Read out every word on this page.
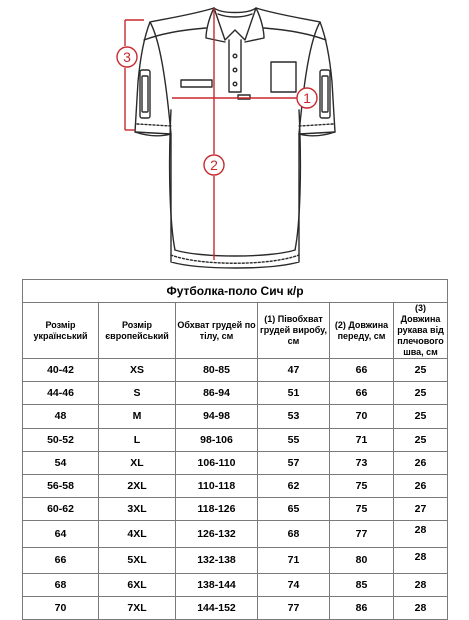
1
2
3
Футболка-поло Сич к/р					
Розмір український	Розмір європейський	Обхват грудей по тілу, см	(1) Півобхват грудей виробу, см	(2) Довжина переду, см	(3) Довжина рукава від плечового шва, см
40-42	XS	80-85	47	66	25
44-46	S	86-94	51	66	25
48	M	94-98	53	70	25
50-52	L	98-106	55	71	25
54	XL	106-110	57	73	26
56-58	2XL	110-118	62	75	26
60-62	3XL	118-126	65	75	27
64	4XL	126-132	68	77	28
66	5XL	132-138	71	80	28
68	6XL	138-144	74	85	28
70	7XL	144-152	77	86	28
